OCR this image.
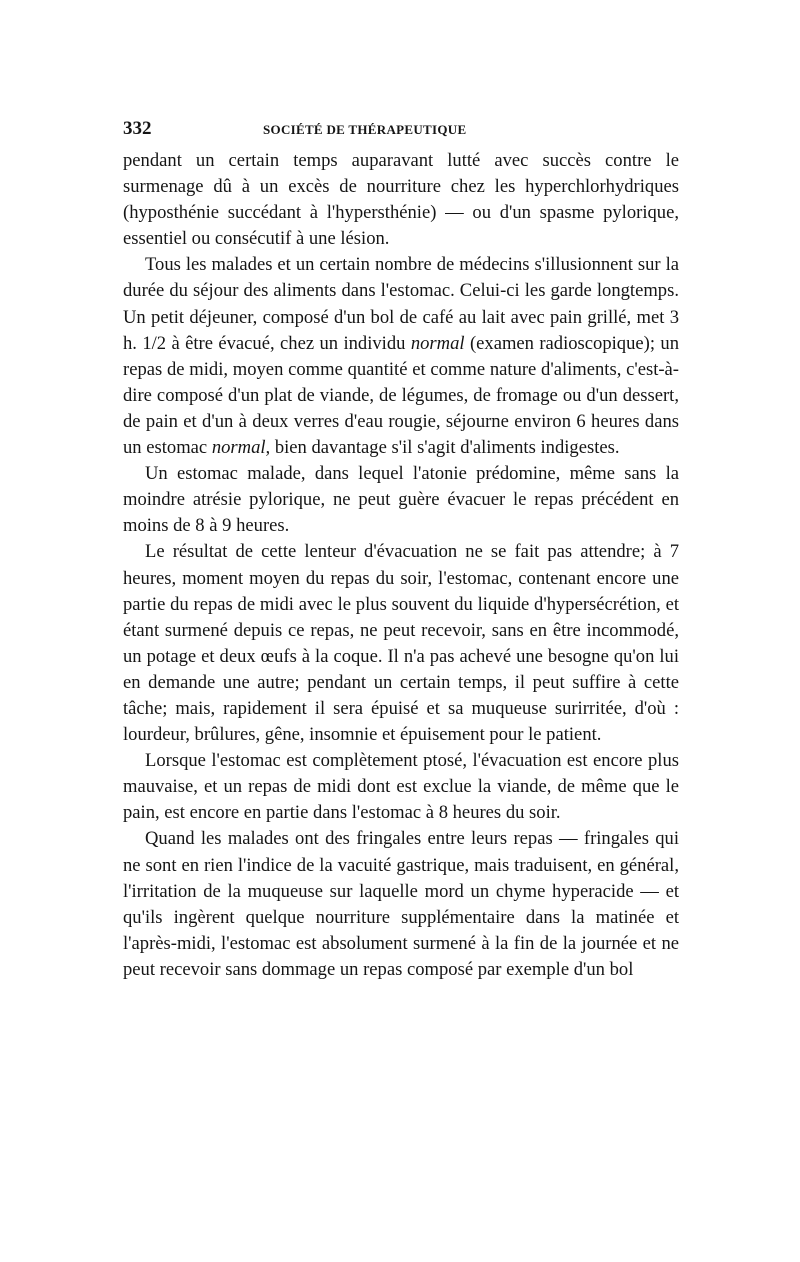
332	SOCIÉTÉ DE THÉRAPEUTIQUE

pendant un certain temps auparavant lutté avec succès contre le surmenage dû à un excès de nourriture chez les hyperchlorhydriques (hyposthénie succédant à l'hypersthénie) — ou d'un spasme pylorique, essentiel ou consécutif à une lésion.

Tous les malades et un certain nombre de médecins s'illusionnent sur la durée du séjour des aliments dans l'estomac. Celui-ci les garde longtemps. Un petit déjeuner, composé d'un bol de café au lait avec pain grillé, met 3 h. 1/2 à être évacué, chez un individu normal (examen radioscopique); un repas de midi, moyen comme quantité et comme nature d'aliments, c'est-à-dire composé d'un plat de viande, de légumes, de fromage ou d'un dessert, de pain et d'un à deux verres d'eau rougie, séjourne environ 6 heures dans un estomac normal, bien davantage s'il s'agit d'aliments indigestes.

Un estomac malade, dans lequel l'atonie prédomine, même sans la moindre atrésie pylorique, ne peut guère évacuer le repas précédent en moins de 8 à 9 heures.

Le résultat de cette lenteur d'évacuation ne se fait pas attendre; à 7 heures, moment moyen du repas du soir, l'estomac, contenant encore une partie du repas de midi avec le plus souvent du liquide d'hypersécrétion, et étant surmené depuis ce repas, ne peut recevoir, sans en être incommodé, un potage et deux œufs à la coque. Il n'a pas achevé une besogne qu'on lui en demande une autre; pendant un certain temps, il peut suffire à cette tâche; mais, rapidement il sera épuisé et sa muqueuse surirritée, d'où : lourdeur, brûlures, gêne, insomnie et épuisement pour le patient.

Lorsque l'estomac est complètement ptosé, l'évacuation est encore plus mauvaise, et un repas de midi dont est exclue la viande, de même que le pain, est encore en partie dans l'estomac à 8 heures du soir.

Quand les malades ont des fringales entre leurs repas — fringales qui ne sont en rien l'indice de la vacuité gastrique, mais traduisent, en général, l'irritation de la muqueuse sur laquelle mord un chyme hyperacide — et qu'ils ingèrent quelque nourriture supplémentaire dans la matinée et l'après-midi, l'estomac est absolument surmené à la fin de la journée et ne peut recevoir sans dommage un repas composé par exemple d'un bol
